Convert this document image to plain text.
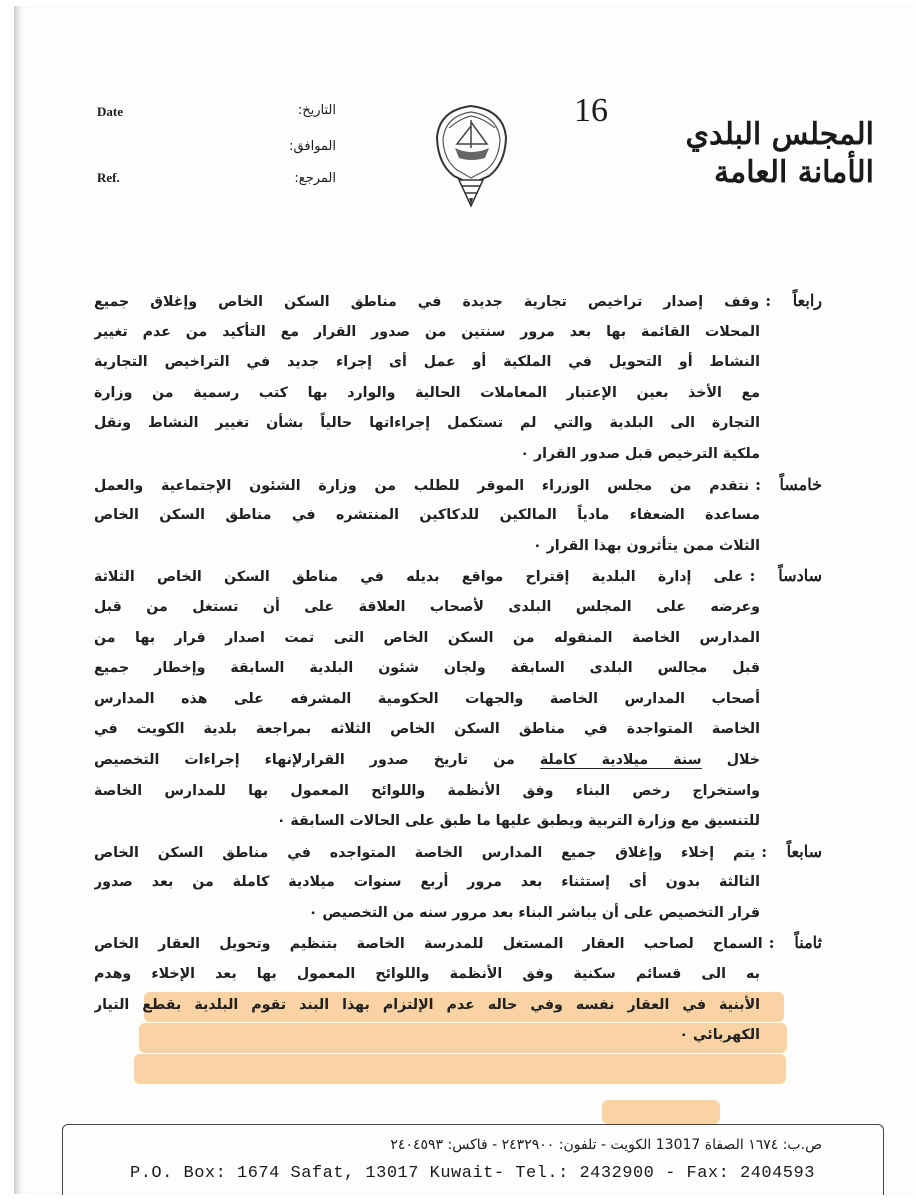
Date
Ref.
التاريخ:
الموافق:
المرجع:
16
المجلس البلدي
الأمانة العامة
رابعاً :وقف إصدار تراخيص تجارية جديدة في مناطق السكن الخاص وإغلاق جميع
المحلات القائمة بها بعد مرور سنتين من صدور القرار مع التأكيد من عدم تغيير
النشاط أو التحويل في الملكية أو عمل أى إجراء جديد في التراخيص التجارية
مع الأخذ بعين الإعتبار المعاملات الحالية والوارد بها كتب رسمية من وزارة
التجارة الى البلدية والتي لم تستكمل إجراءاتها حالياً بشأن تغيير النشاط ونقل
ملكية الترخيص قبل صدور القرار ٠
خامساً :نتقدم من مجلس الوزراء الموقر للطلب من وزارة الشئون الإجتماعية والعمل
مساعدة الضعفاء مادياً المالكين للدكاكين المنتشره في مناطق السكن الخاص
الثلاث ممن يتأثرون بهذا القرار ٠
سادساً :على إدارة البلدية إقتراح مواقع بديله في مناطق السكن الخاص الثلاثة
وعرضه على المجلس البلدى لأصحاب العلاقة على أن تستغل من قبل
المدارس الخاصة المنقوله من السكن الخاص التى تمت اصدار قرار بها من
قبل مجالس البلدى السابقة ولجان شئون البلدية السابقة وإخطار جميع
أصحاب المدارس الخاصة والجهات الحكومية المشرفه على هذه المدارس
الخاصة المتواجدة في مناطق السكن الخاص الثلاثه بمراجعة بلدية الكويت في
خلال سنة ميلادية كاملة من تاريخ صدور القرارلإنهاء إجراءات التخصيص
واستخراج رخص البناء وفق الأنظمة واللوائح المعمول بها للمدارس الخاصة
للتنسيق مع وزارة التربية ويطبق عليها ما طبق على الحالات السابقة ٠
سابعاً :يتم إخلاء وإغلاق جميع المدارس الخاصة المتواجده في مناطق السكن الخاص
الثالثة بدون أى إستثناء بعد مرور أربع سنوات ميلادية كاملة من بعد صدور
قرار التخصيص على أن يباشر البناء بعد مرور سنه من التخصيص ٠
ثامناً :السماح لصاحب العقار المستغل للمدرسة الخاصة بتنظيم وتحويل العقار الخاص
به الى قسائم سكنية وفق الأنظمة واللوائح المعمول بها بعد الإخلاء وهدم
الأبنية في العقار نفسه وفي حاله عدم الإلتزام بهذا البند تقوم البلدية بقطع التيار
الكهربائي ٠
ص.ب: ١٦٧٤ الصفاة 13017 الكويت - تلفون: ٢٤٣٢٩٠٠ - فاكس: ٢٤٠٤٥٩٣
P.O. Box: 1674 Safat, 13017 Kuwait- Tel.: 2432900 - Fax: 2404593
